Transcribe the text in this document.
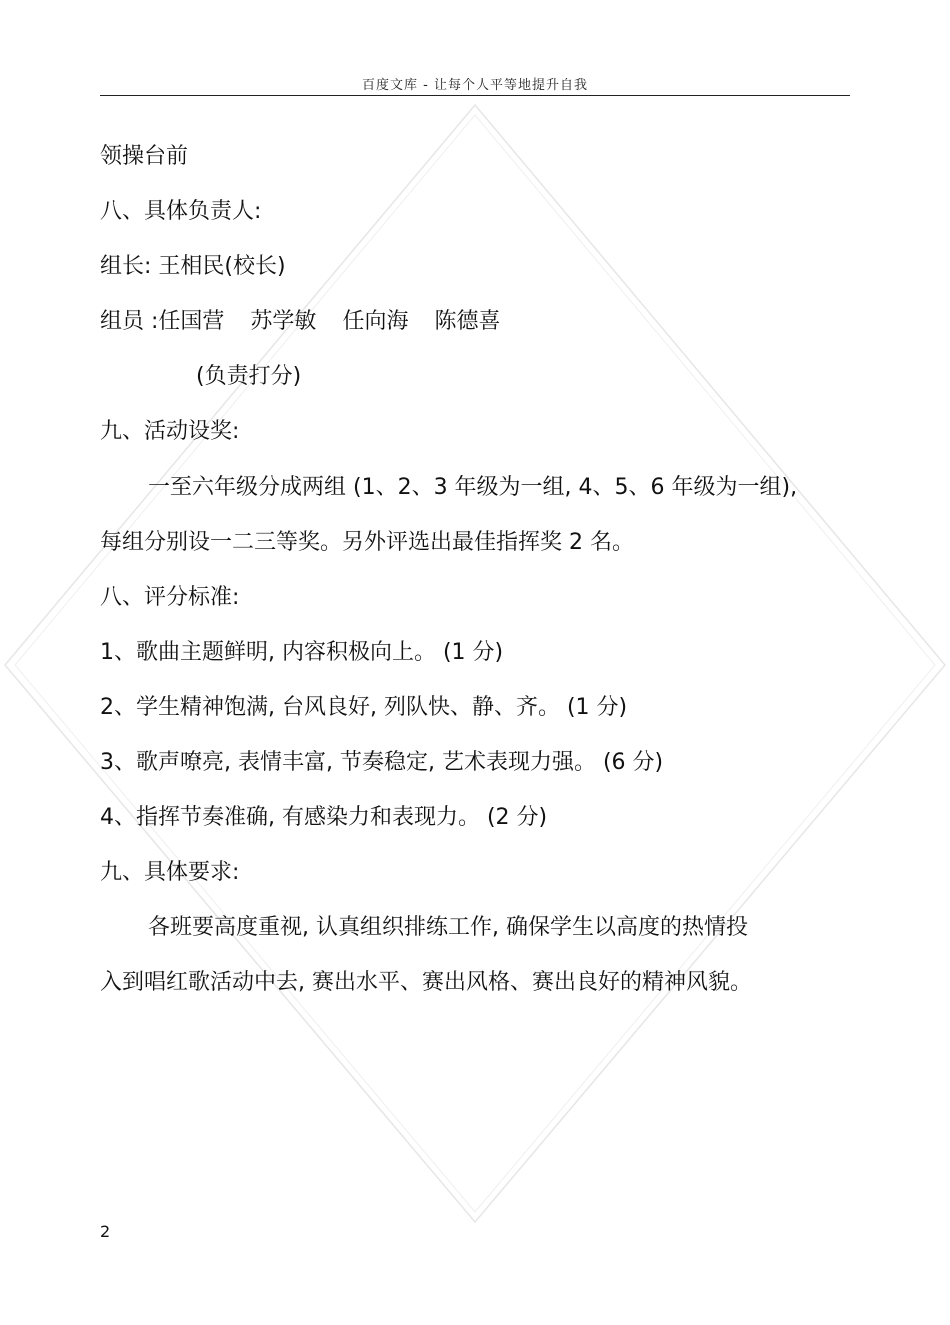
百度文库 - 让每个人平等地提升自我
领操台前
八、具体负责人:
组长: 王相民(校长)
组员 :任国营 苏学敏 任向海 陈德喜
(负责打分)
九、活动设奖:
一至六年级分成两组 (1、2、3 年级为一组, 4、5、6 年级为一组),
每组分别设一二三等奖。另外评选出最佳指挥奖 2 名。
八、评分标准:
1、歌曲主题鲜明, 内容积极向上。 (1 分)
2、学生精神饱满, 台风良好, 列队快、静、齐。 (1 分)
3、歌声嘹亮, 表情丰富, 节奏稳定, 艺术表现力强。 (6 分)
4、指挥节奏准确, 有感染力和表现力。 (2 分)
九、具体要求:
各班要高度重视, 认真组织排练工作, 确保学生以高度的热情投
入到唱红歌活动中去, 赛出水平、赛出风格、赛出良好的精神风貌。
2
